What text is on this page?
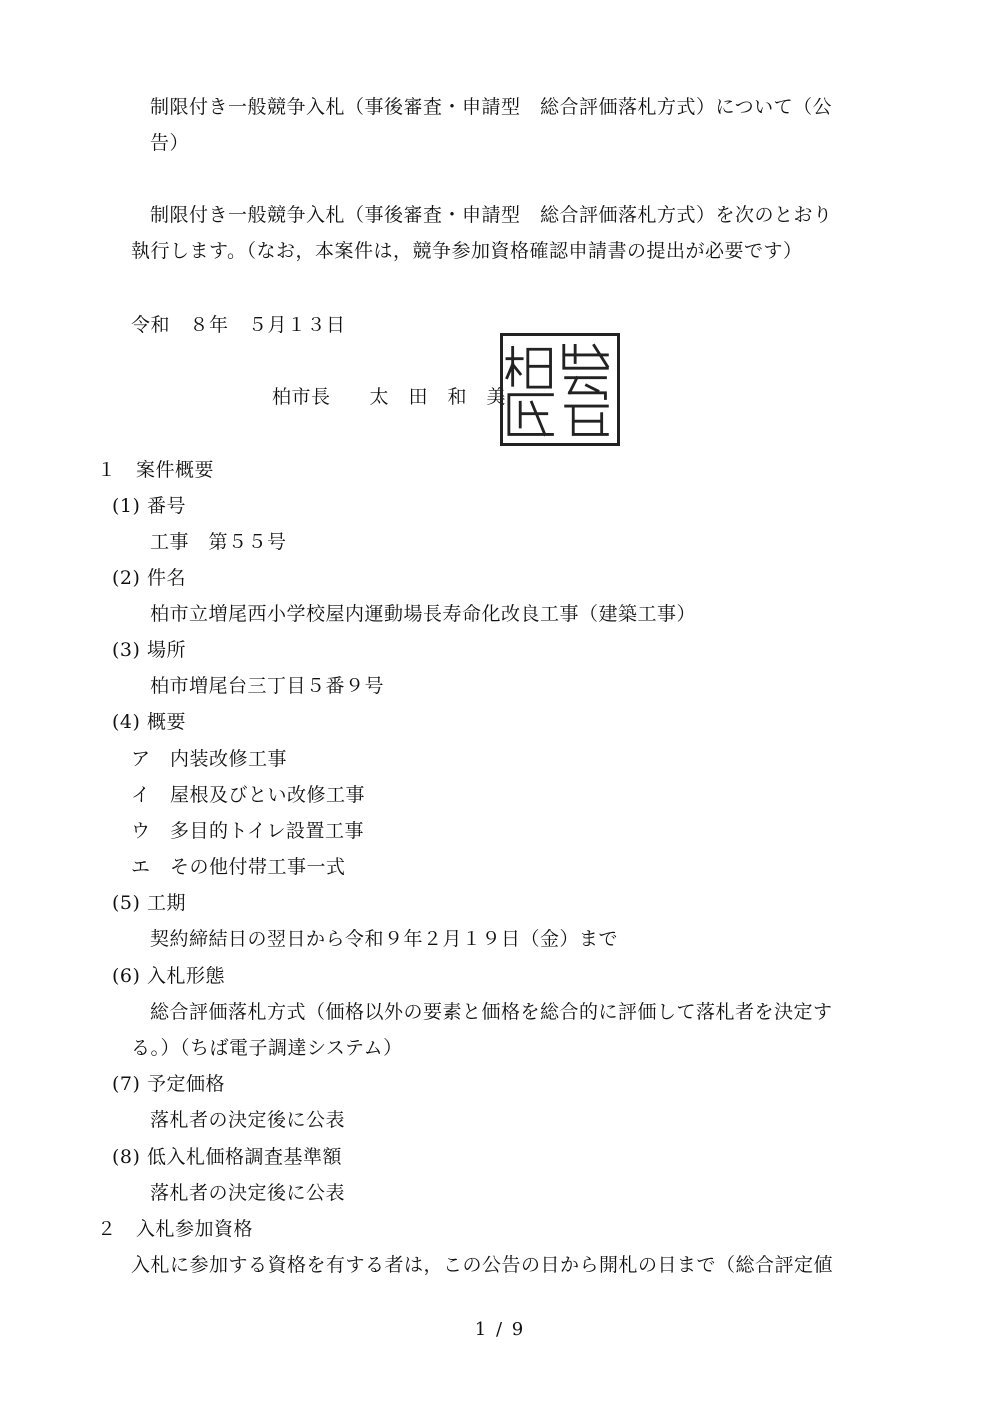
制限付き一般競争入札（事後審査・申請型　総合評価落札方式）について（公
告）
制限付き一般競争入札（事後審査・申請型　総合評価落札方式）を次のとおり
執行します。（なお，本案件は，競争参加資格確認申請書の提出が必要です）
令和　８年　５月１３日
柏市長　　太　田　和　美
１　案件概要
(1) 番号
工事　第５５号
(2) 件名
柏市立増尾西小学校屋内運動場長寿命化改良工事（建築工事）
(3) 場所
柏市増尾台三丁目５番９号
(4) 概要
ア　内装改修工事
イ　屋根及びとい改修工事
ウ　多目的トイレ設置工事
エ　その他付帯工事一式
(5) 工期
契約締結日の翌日から令和９年２月１９日（金）まで
(6) 入札形態
総合評価落札方式（価格以外の要素と価格を総合的に評価して落札者を決定す
る。）（ちば電子調達システム）
(7) 予定価格
落札者の決定後に公表
(8) 低入札価格調査基準額
落札者の決定後に公表
２　入札参加資格
入札に参加する資格を有する者は，この公告の日から開札の日まで（総合評定値
1 / 9
